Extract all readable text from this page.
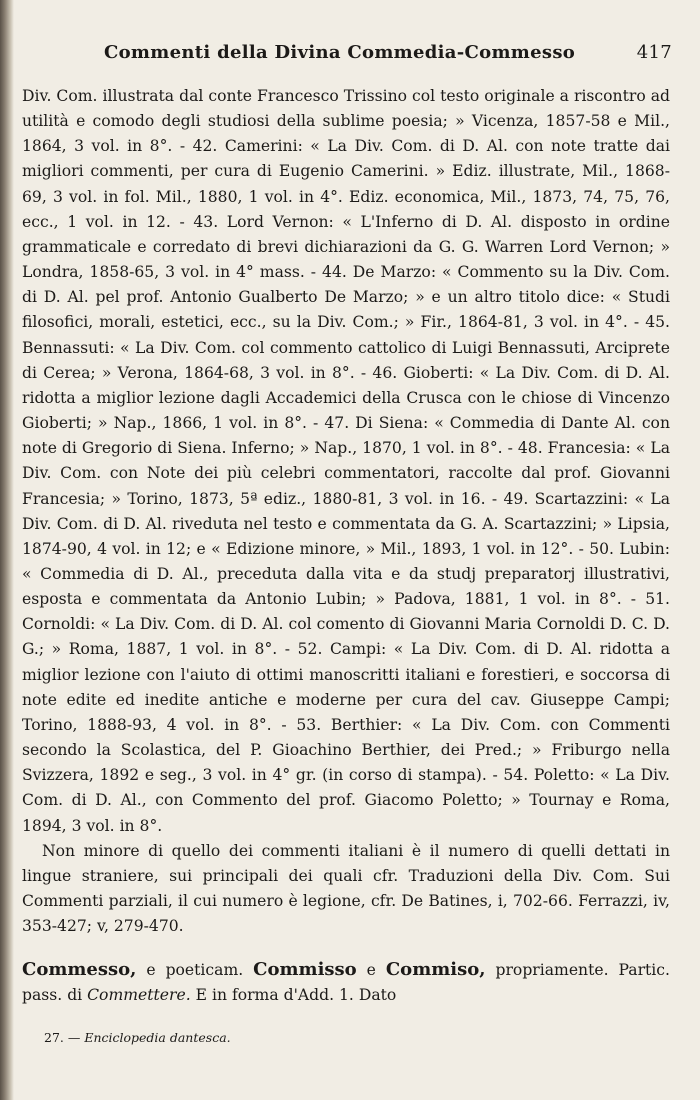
Commenti della Divina Commedia-Commesso	417

Div. Com. illustrata dal conte Francesco Trissino col testo originale a riscontro ad utilità e comodo degli studiosi della sublime poesia; » Vicenza, 1857-58 e Mil., 1864, 3 vol. in 8°. - 42. Camerini: « La Div. Com. di D. Al. con note tratte dai migliori commenti, per cura di Eugenio Camerini. » Ediz. illustrate, Mil., 1868-69, 3 vol. in fol. Mil., 1880, 1 vol. in 4°. Ediz. economica, Mil., 1873, 74, 75, 76, ecc., 1 vol. in 12. - 43. Lord Vernon: « L'Inferno di D. Al. disposto in ordine grammaticale e corredato di brevi dichiarazioni da G. G. Warren Lord Vernon; » Londra, 1858-65, 3 vol. in 4° mass. - 44. De Marzo: « Commento su la Div. Com. di D. Al. pel prof. Antonio Gualberto De Marzo; » e un altro titolo dice: « Studi filosofici, morali, estetici, ecc., su la Div. Com.; » Fir., 1864-81, 3 vol. in 4°. - 45. Bennassuti: « La Div. Com. col commento cattolico di Luigi Bennassuti, Arciprete di Cerea; » Verona, 1864-68, 3 vol. in 8°. - 46. Gioberti: « La Div. Com. di D. Al. ridotta a miglior lezione dagli Accademici della Crusca con le chiose di Vincenzo Gioberti; » Nap., 1866, 1 vol. in 8°. - 47. Di Siena: « Commedia di Dante Al. con note di Gregorio di Siena. Inferno; » Nap., 1870, 1 vol. in 8°. - 48. Francesia: « La Div. Com. con Note dei più celebri commentatori, raccolte dal prof. Giovanni Francesia; » Torino, 1873, 5ª ediz., 1880-81, 3 vol. in 16. - 49. Scartazzini: « La Div. Com. di D. Al. riveduta nel testo e commentata da G. A. Scartazzini; » Lipsia, 1874-90, 4 vol. in 12; e « Edizione minore, » Mil., 1893, 1 vol. in 12°. - 50. Lubin: « Commedia di D. Al., preceduta dalla vita e da studj preparatorj illustrativi, esposta e commentata da Antonio Lubin; » Padova, 1881, 1 vol. in 8°. - 51. Cornoldi: « La Div. Com. di D. Al. col comento di Giovanni Maria Cornoldi D. C. D. G.; » Roma, 1887, 1 vol. in 8°. - 52. Campi: « La Div. Com. di D. Al. ridotta a miglior lezione con l'aiuto di ottimi manoscritti italiani e forestieri, e soccorsa di note edite ed inedite antiche e moderne per cura del cav. Giuseppe Campi; Torino, 1888-93, 4 vol. in 8°. - 53. Berthier: « La Div. Com. con Commenti secondo la Scolastica, del P. Gioachino Berthier, dei Pred.; » Friburgo nella Svizzera, 1892 e seg., 3 vol. in 4° gr. (in corso di stampa). - 54. Poletto: « La Div. Com. di D. Al., con Commento del prof. Giacomo Poletto; » Tournay e Roma, 1894, 3 vol. in 8°.

Non minore di quello dei commenti italiani è il numero di quelli dettati in lingue straniere, sui principali dei quali cfr. Traduzioni della Div. Com. Sui Commenti parziali, il cui numero è legione, cfr. De Batines, i, 702-66. Ferrazzi, iv, 353-427; v, 279-470.

Commesso, e poeticam. Commisso e Commiso, propriamente. Partic. pass. di Commettere. E in forma d'Add. 1. Dato

27. — Enciclopedia dantesca.
